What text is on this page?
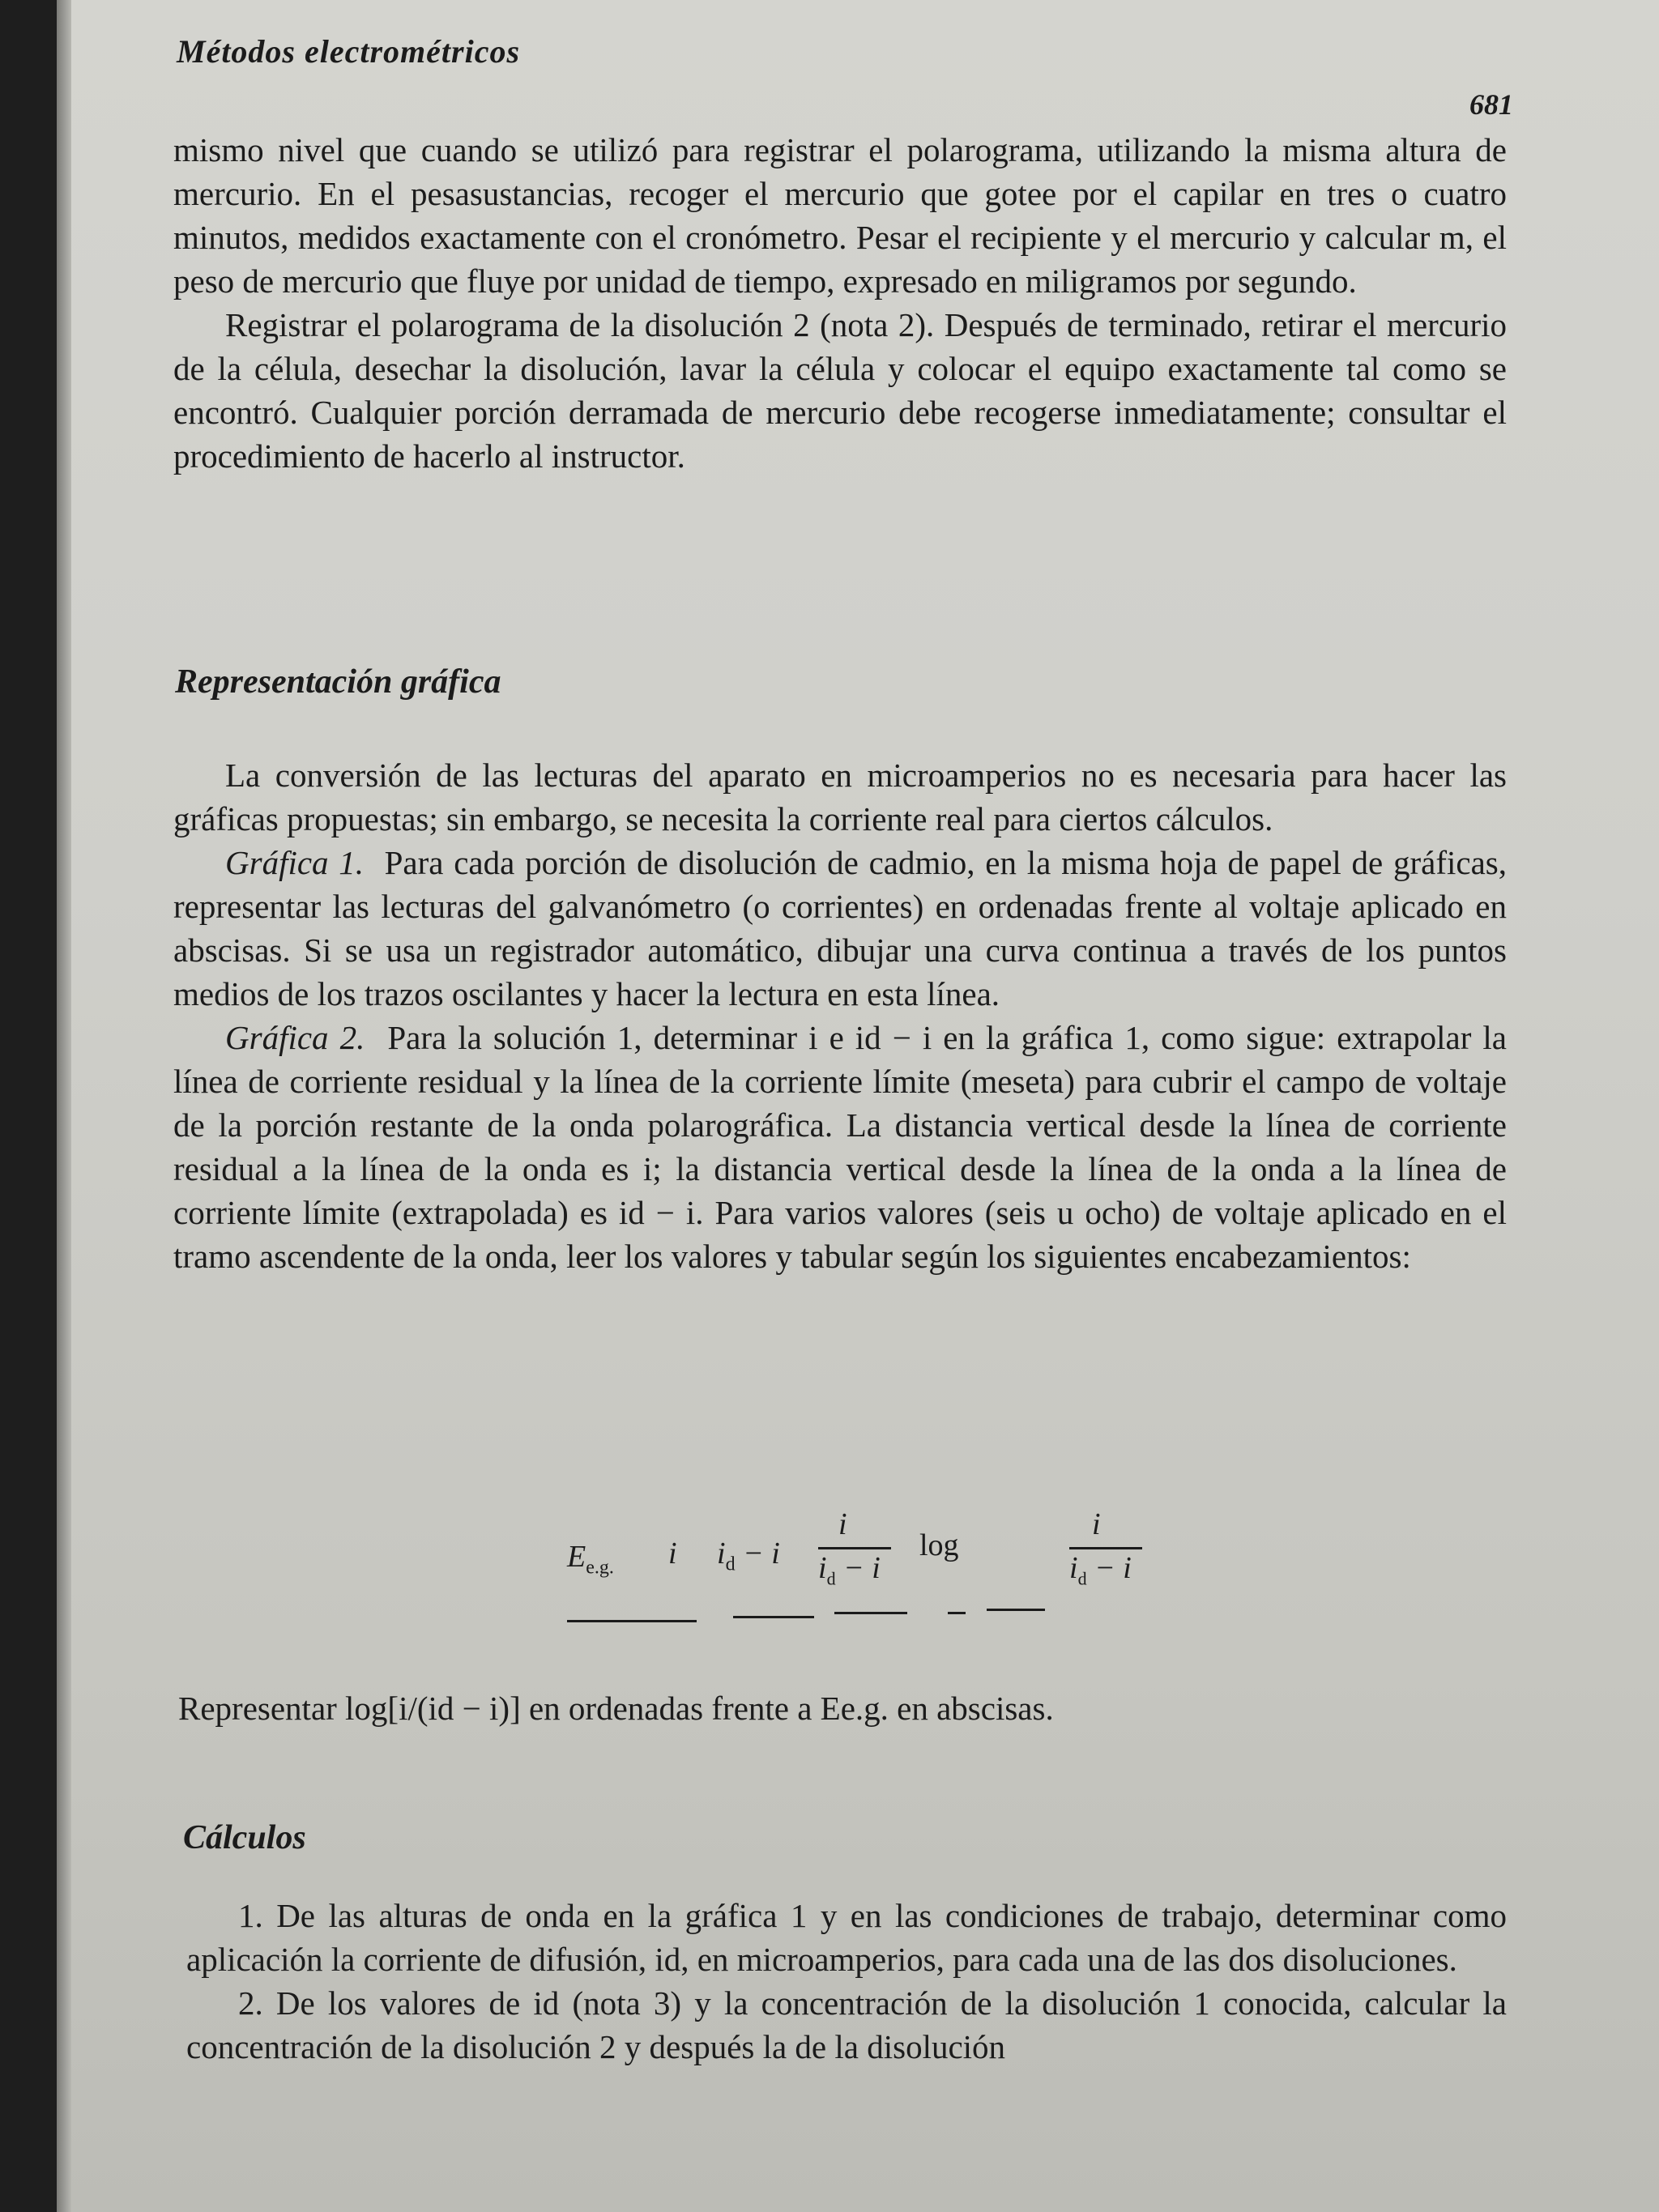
Métodos electrométricos
681

mismo nivel que cuando se utilizó para registrar el polarograma, utilizando la misma altura de mercurio. En el pesasustancias, recoger el mercurio que gotee por el capilar en tres o cuatro minutos, medidos exactamente con el cronómetro. Pesar el recipiente y el mercurio y calcular m, el peso de mercurio que fluye por unidad de tiempo, expresado en miligramos por segundo.

Registrar el polarograma de la disolución 2 (nota 2). Después de terminado, retirar el mercurio de la célula, desechar la disolución, lavar la célula y colocar el equipo exactamente tal como se encontró. Cualquier porción derramada de mercurio debe recogerse inmediatamente; consultar el procedimiento de hacerlo al instructor.

Representación gráfica

La conversión de las lecturas del aparato en microamperios no es necesaria para hacer las gráficas propuestas; sin embargo, se necesita la corriente real para ciertos cálculos.

Gráfica 1. Para cada porción de disolución de cadmio, en la misma hoja de papel de gráficas, representar las lecturas del galvanómetro (o corrientes) en ordenadas frente al voltaje aplicado en abscisas. Si se usa un registrador automático, dibujar una curva continua a través de los puntos medios de los trazos oscilantes y hacer la lectura en esta línea.

Gráfica 2. Para la solución 1, determinar i e id − i en la gráfica 1, como sigue: extrapolar la línea de corriente residual y la línea de la corriente límite (meseta) para cubrir el campo de voltaje de la porción restante de la onda polarográfica. La distancia vertical desde la línea de corriente residual a la línea de la onda es i; la distancia vertical desde la línea de la onda a la línea de corriente límite (extrapolada) es id − i. Para varios valores (seis u ocho) de voltaje aplicado en el tramo ascendente de la onda, leer los valores y tabular según los siguientes encabezamientos:

$E_{e.g.}$ i $i_d - i$
i
$i_d - i$
log
i
$i_d - i$

Representar log[i/(id − i)] en ordenadas frente a Ee.g. en abscisas.

Cálculos

1. De las alturas de onda en la gráfica 1 y en las condiciones de trabajo, determinar como aplicación la corriente de difusión, id, en microamperios, para cada una de las dos disoluciones.

2. De los valores de id (nota 3) y la concentración de la disolución 1 conocida, calcular la concentración de la disolución 2 y después la de la disolución
